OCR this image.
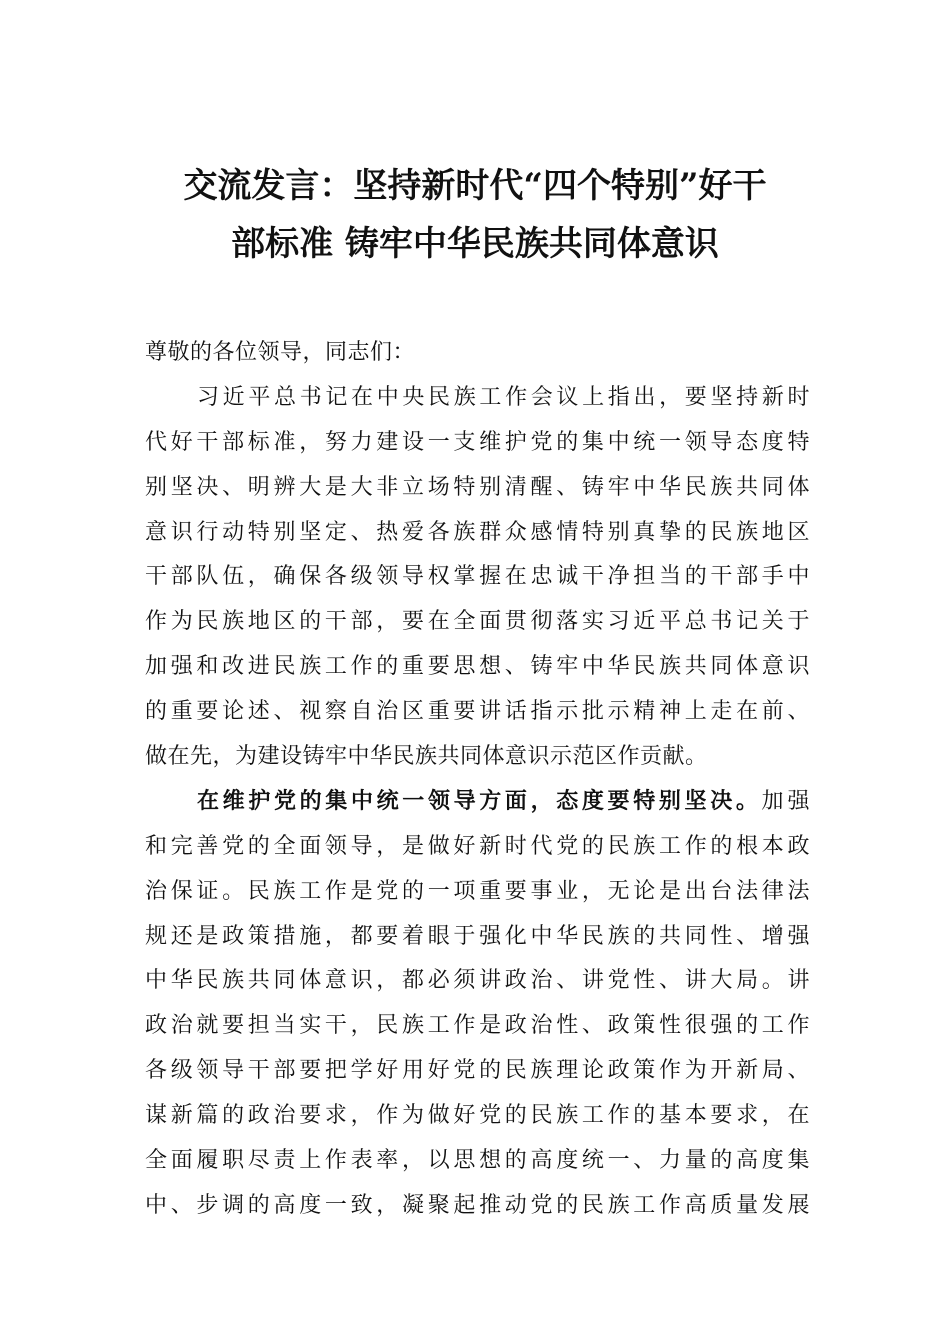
交流发言：坚持新时代“四个特别”好干
部标准 铸牢中华民族共同体意识
尊敬的各位领导，同志们：
习近平总书记在中央民族工作会议上指出，要坚持新时
代好干部标准，努力建设一支维护党的集中统一领导态度特
别坚决、明辨大是大非立场特别清醒、铸牢中华民族共同体
意识行动特别坚定、热爱各族群众感情特别真挚的民族地区
干部队伍，确保各级领导权掌握在忠诚干净担当的干部手中
作为民族地区的干部，要在全面贯彻落实习近平总书记关于
加强和改进民族工作的重要思想、铸牢中华民族共同体意识
的重要论述、视察自治区重要讲话指示批示精神上走在前、
做在先，为建设铸牢中华民族共同体意识示范区作贡献。
在维护党的集中统一领导方面，态度要特别坚决。加强
和完善党的全面领导，是做好新时代党的民族工作的根本政
治保证。民族工作是党的一项重要事业，无论是出台法律法
规还是政策措施，都要着眼于强化中华民族的共同性、增强
中华民族共同体意识，都必须讲政治、讲党性、讲大局。讲
政治就要担当实干，民族工作是政治性、政策性很强的工作
各级领导干部要把学好用好党的民族理论政策作为开新局、
谋新篇的政治要求，作为做好党的民族工作的基本要求，在
全面履职尽责上作表率，以思想的高度统一、力量的高度集
中、步调的高度一致，凝聚起推动党的民族工作高质量发展
